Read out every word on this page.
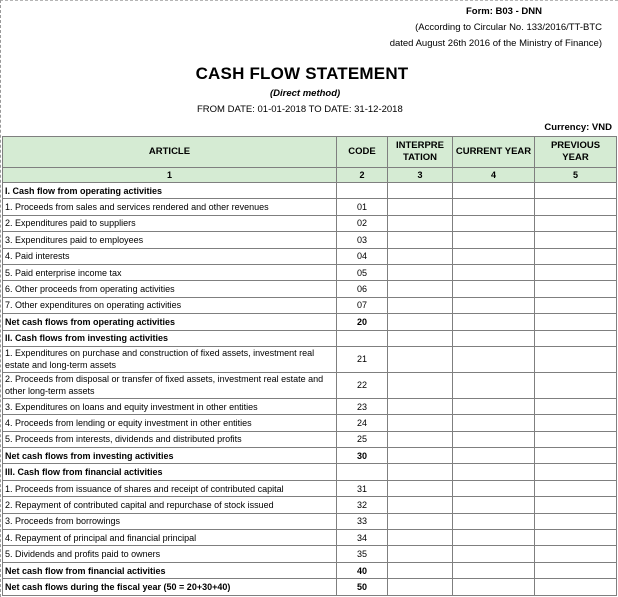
Form: B03 - DNN
(According to Circular No. 133/2016/TT-BTC
dated August 26th 2016 of the Ministry of Finance)
CASH FLOW STATEMENT
(Direct method)
FROM DATE: 01-01-2018 TO DATE: 31-12-2018
Currency: VND
ARTICLE	CODE	INTERPRE TATION	CURRENT YEAR	PREVIOUS YEAR
1	2	3	4	5
I. Cash flow from operating activities				
1. Proceeds from sales and services rendered and other revenues	01			
2. Expenditures paid to suppliers	02			
3. Expenditures paid to employees	03			
4. Paid interests	04			
5. Paid enterprise income tax	05			
6. Other proceeds from operating activities	06			
7. Other expenditures on operating activities	07			
Net cash flows from operating activities	20			
II. Cash flows from investing activities				
1. Expenditures on purchase and construction of fixed assets, investment real estate and long-term assets	21			
2. Proceeds from disposal or transfer of fixed assets, investment real estate and other long-term assets	22			
3. Expenditures on loans and equity investment in other entities	23			
4. Proceeds from lending or equity investment in other entities	24			
5. Proceeds from interests, dividends and distributed profits	25			
Net cash flows from investing activities	30			
III. Cash flow from financial activities				
1. Proceeds from issuance of shares and receipt of contributed capital	31			
2. Repayment of contributed capital and repurchase of stock issued	32			
3. Proceeds from borrowings	33			
4. Repayment of principal and financial principal	34			
5. Dividends and profits paid to owners	35			
Net cash flow from financial activities	40			
Net cash flows during the fiscal year (50 = 20+30+40)	50			
